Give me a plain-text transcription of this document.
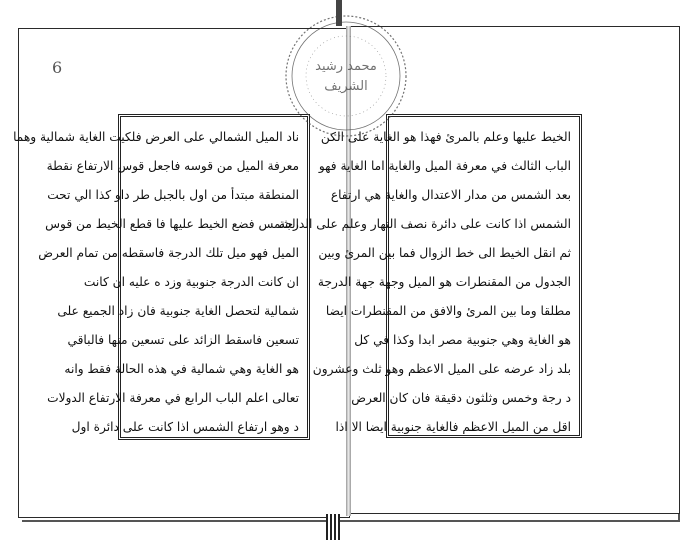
6
ناد الميل الشمالي على العرض فلكيت الغاية شمالية وهما
معرفة الميل من قوسه فاجعل قوس الارتفاع نقطة
المنطقة مبتدأ من اول بالجبل طر داو كذا الي تحت
الشمس فضع الخيط عليها فا قطع الخيط من قوس
الميل فهو ميل تلك الدرجة فاسقطه من تمام العرض
ان كانت الدرجة جنوبية وزد ه عليه ان كانت
شمالية لتحصل الغاية جنوبية فان زاد الجميع على
تسعين فاسقط الزائد على تسعين منها فالباقي
هو الغاية وهي شمالية في هذه الحالة فقط وانه
تعالى اعلم الباب الرابع في معرفة الارتفاع الدولات
د وهو ارتفاع الشمس اذا كانت على دائرة اول
الخيط عليها وعلم بالمرئ فهذا هو الغاية على الكن
الباب الثالث في معرفة الميل والغاية اما الغاية فهو
بعد الشمس من مدار الاعتدال والغاية هي ارتفاع
الشمس اذا كانت على دائرة نصف النهار وعلم على الدرجة
ثم انقل الخيط الى خط الزوال فما بين المرئ وبين
الجدول من المقنطرات هو الميل وجهة جهة الدرجة
مطلقا وما بين المرئ والافق من المقنطرات ايضا
هو الغاية وهي جنوبية مصر ابدا وكذا في كل
بلد زاد عرضه على الميل الاعظم وهو ثلث وعشرون
د رجة وخمس وثلثون دقيقة فان كان العرض
اقل من الميل الاعظم فالغاية جنوبية ايضا الا اذا
محمد رشيد
الشريف
